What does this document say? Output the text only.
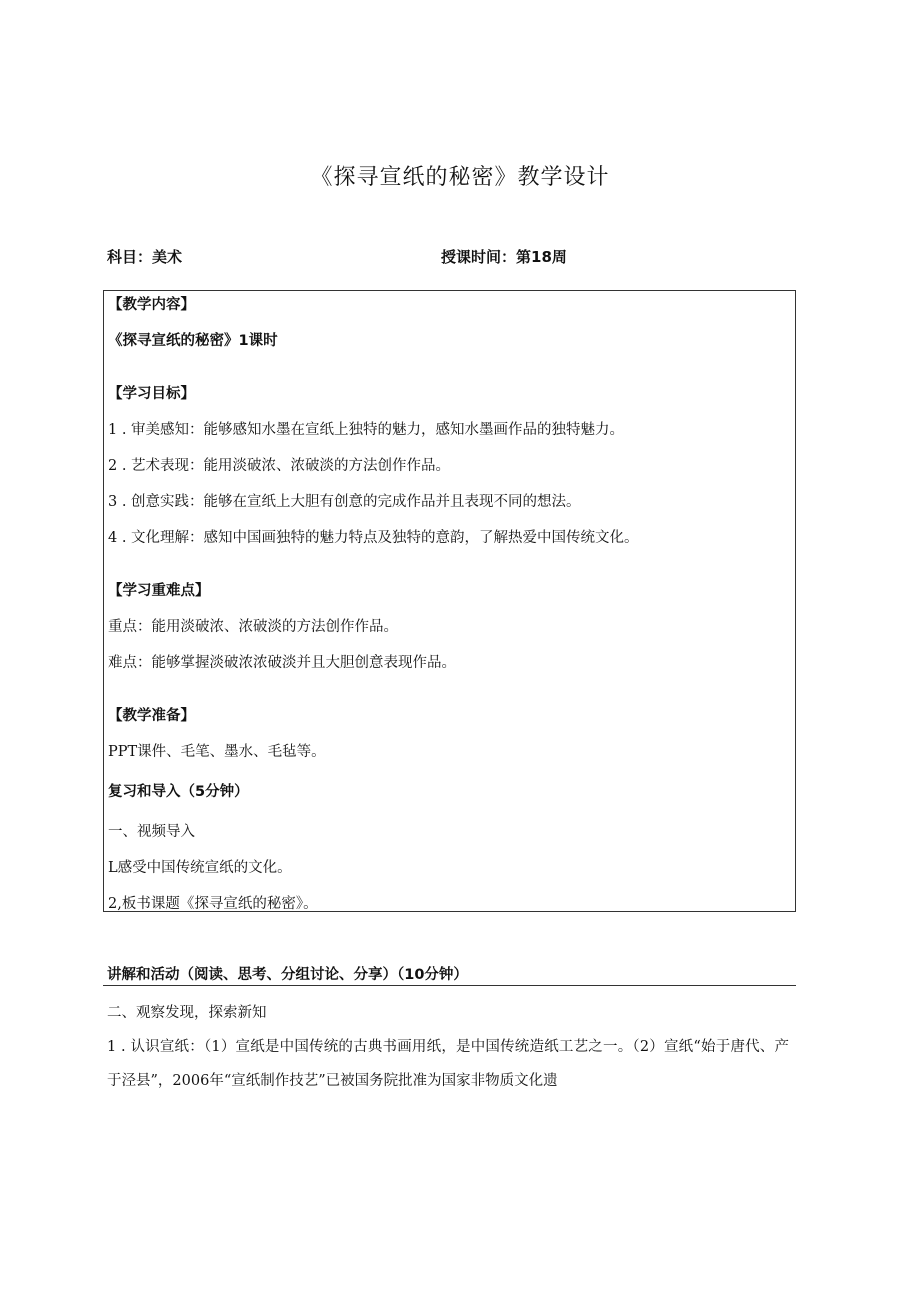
《探寻宣纸的秘密》教学设计
科目：美术	授课时间：第18周
【教学内容】
《探寻宣纸的秘密》1课时
【学习目标】
1 . 审美感知：能够感知水墨在宣纸上独特的魅力，感知水墨画作品的独特魅力。
2 . 艺术表现：能用淡破浓、浓破淡的方法创作作品。
3 . 创意实践：能够在宣纸上大胆有创意的完成作品并且表现不同的想法。
4 . 文化理解：感知中国画独特的魅力特点及独特的意韵，了解热爱中国传统文化。
【学习重难点】
重点：能用淡破浓、浓破淡的方法创作作品。
难点：能够掌握淡破浓浓破淡并且大胆创意表现作品。
【教学准备】
PPT课件、毛笔、墨水、毛毡等。
复习和导入（5分钟）
一、视频导入
L感受中国传统宣纸的文化。
2,板书课题《探寻宣纸的秘密》。
讲解和活动（阅读、思考、分组讨论、分享）（10分钟）
二、观察发现，探索新知
1 . 认识宣纸：（1）宣纸是中国传统的古典书画用纸，是中国传统造纸工艺之一。（2）宣纸“始于唐代、产于泾县”，2006年“宣纸制作技艺”已被国务院批准为国家非物质文化遗
